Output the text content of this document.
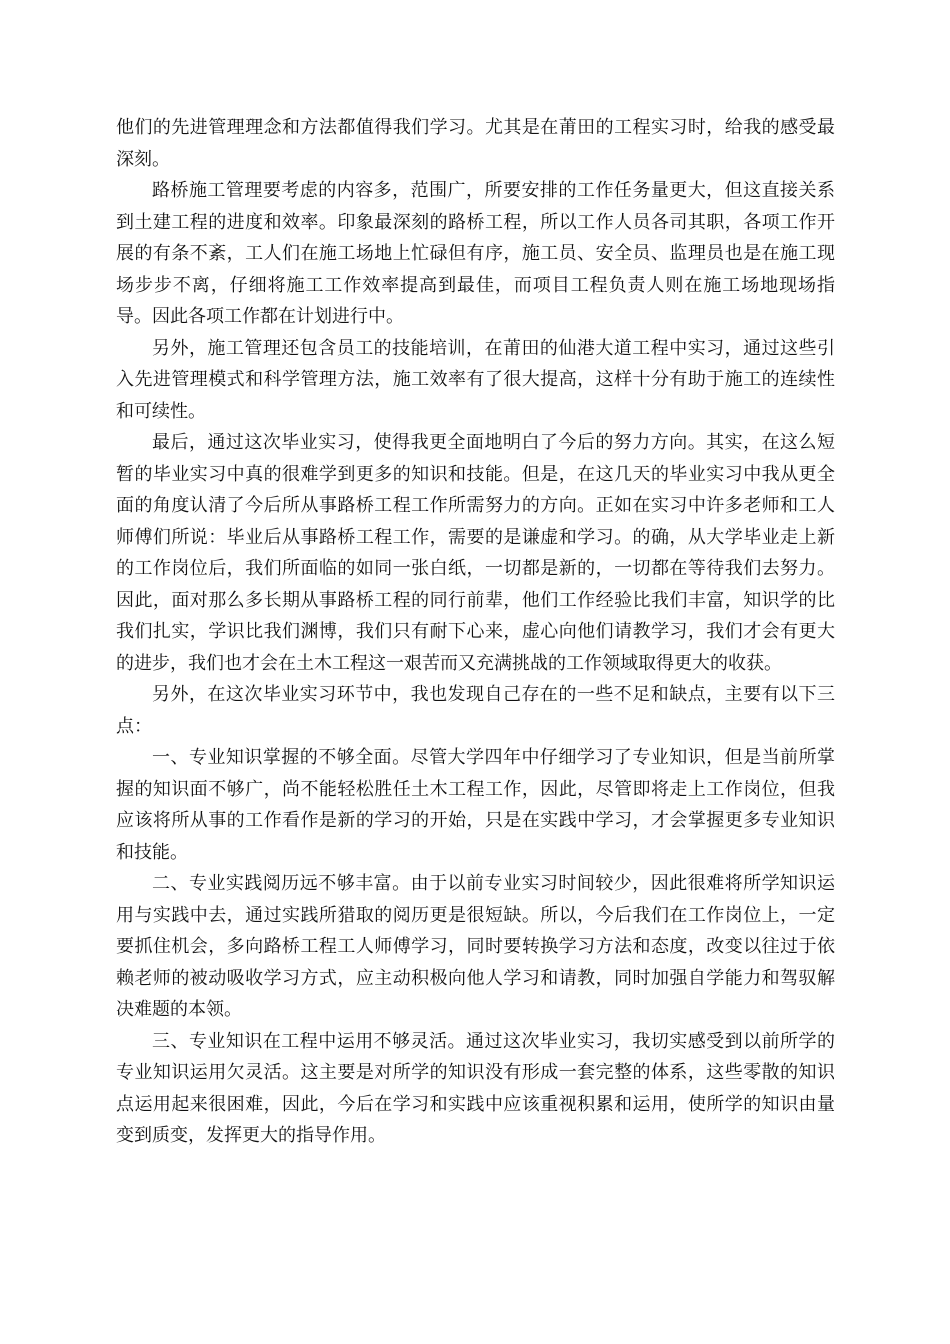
他们的先进管理理念和方法都值得我们学习。尤其是在莆田的工程实习时，给我的感受最深刻。

路桥施工管理要考虑的内容多，范围广，所要安排的工作任务量更大，但这直接关系到土建工程的进度和效率。印象最深刻的路桥工程，所以工作人员各司其职，各项工作开展的有条不紊，工人们在施工场地上忙碌但有序，施工员、安全员、监理员也是在施工现场步步不离，仔细将施工工作效率提高到最佳，而项目工程负责人则在施工场地现场指导。因此各项工作都在计划进行中。

另外，施工管理还包含员工的技能培训，在莆田的仙港大道工程中实习，通过这些引入先进管理模式和科学管理方法，施工效率有了很大提高，这样十分有助于施工的连续性和可续性。

最后，通过这次毕业实习，使得我更全面地明白了今后的努力方向。其实，在这么短暂的毕业实习中真的很难学到更多的知识和技能。但是，在这几天的毕业实习中我从更全面的角度认清了今后所从事路桥工程工作所需努力的方向。正如在实习中许多老师和工人师傅们所说：毕业后从事路桥工程工作，需要的是谦虚和学习。的确，从大学毕业走上新的工作岗位后，我们所面临的如同一张白纸，一切都是新的，一切都在等待我们去努力。因此，面对那么多长期从事路桥工程的同行前辈，他们工作经验比我们丰富，知识学的比我们扎实，学识比我们渊博，我们只有耐下心来，虚心向他们请教学习，我们才会有更大的进步，我们也才会在土木工程这一艰苦而又充满挑战的工作领域取得更大的收获。

另外，在这次毕业实习环节中，我也发现自己存在的一些不足和缺点，主要有以下三点：

一、专业知识掌握的不够全面。尽管大学四年中仔细学习了专业知识，但是当前所掌握的知识面不够广，尚不能轻松胜任土木工程工作，因此，尽管即将走上工作岗位，但我应该将所从事的工作看作是新的学习的开始，只是在实践中学习，才会掌握更多专业知识和技能。

二、专业实践阅历远不够丰富。由于以前专业实习时间较少，因此很难将所学知识运用与实践中去，通过实践所猎取的阅历更是很短缺。所以，今后我们在工作岗位上，一定要抓住机会，多向路桥工程工人师傅学习，同时要转换学习方法和态度，改变以往过于依赖老师的被动吸收学习方式，应主动积极向他人学习和请教，同时加强自学能力和驾驭解决难题的本领。

三、专业知识在工程中运用不够灵活。通过这次毕业实习，我切实感受到以前所学的专业知识运用欠灵活。这主要是对所学的知识没有形成一套完整的体系，这些零散的知识点运用起来很困难，因此，今后在学习和实践中应该重视积累和运用，使所学的知识由量变到质变，发挥更大的指导作用。
